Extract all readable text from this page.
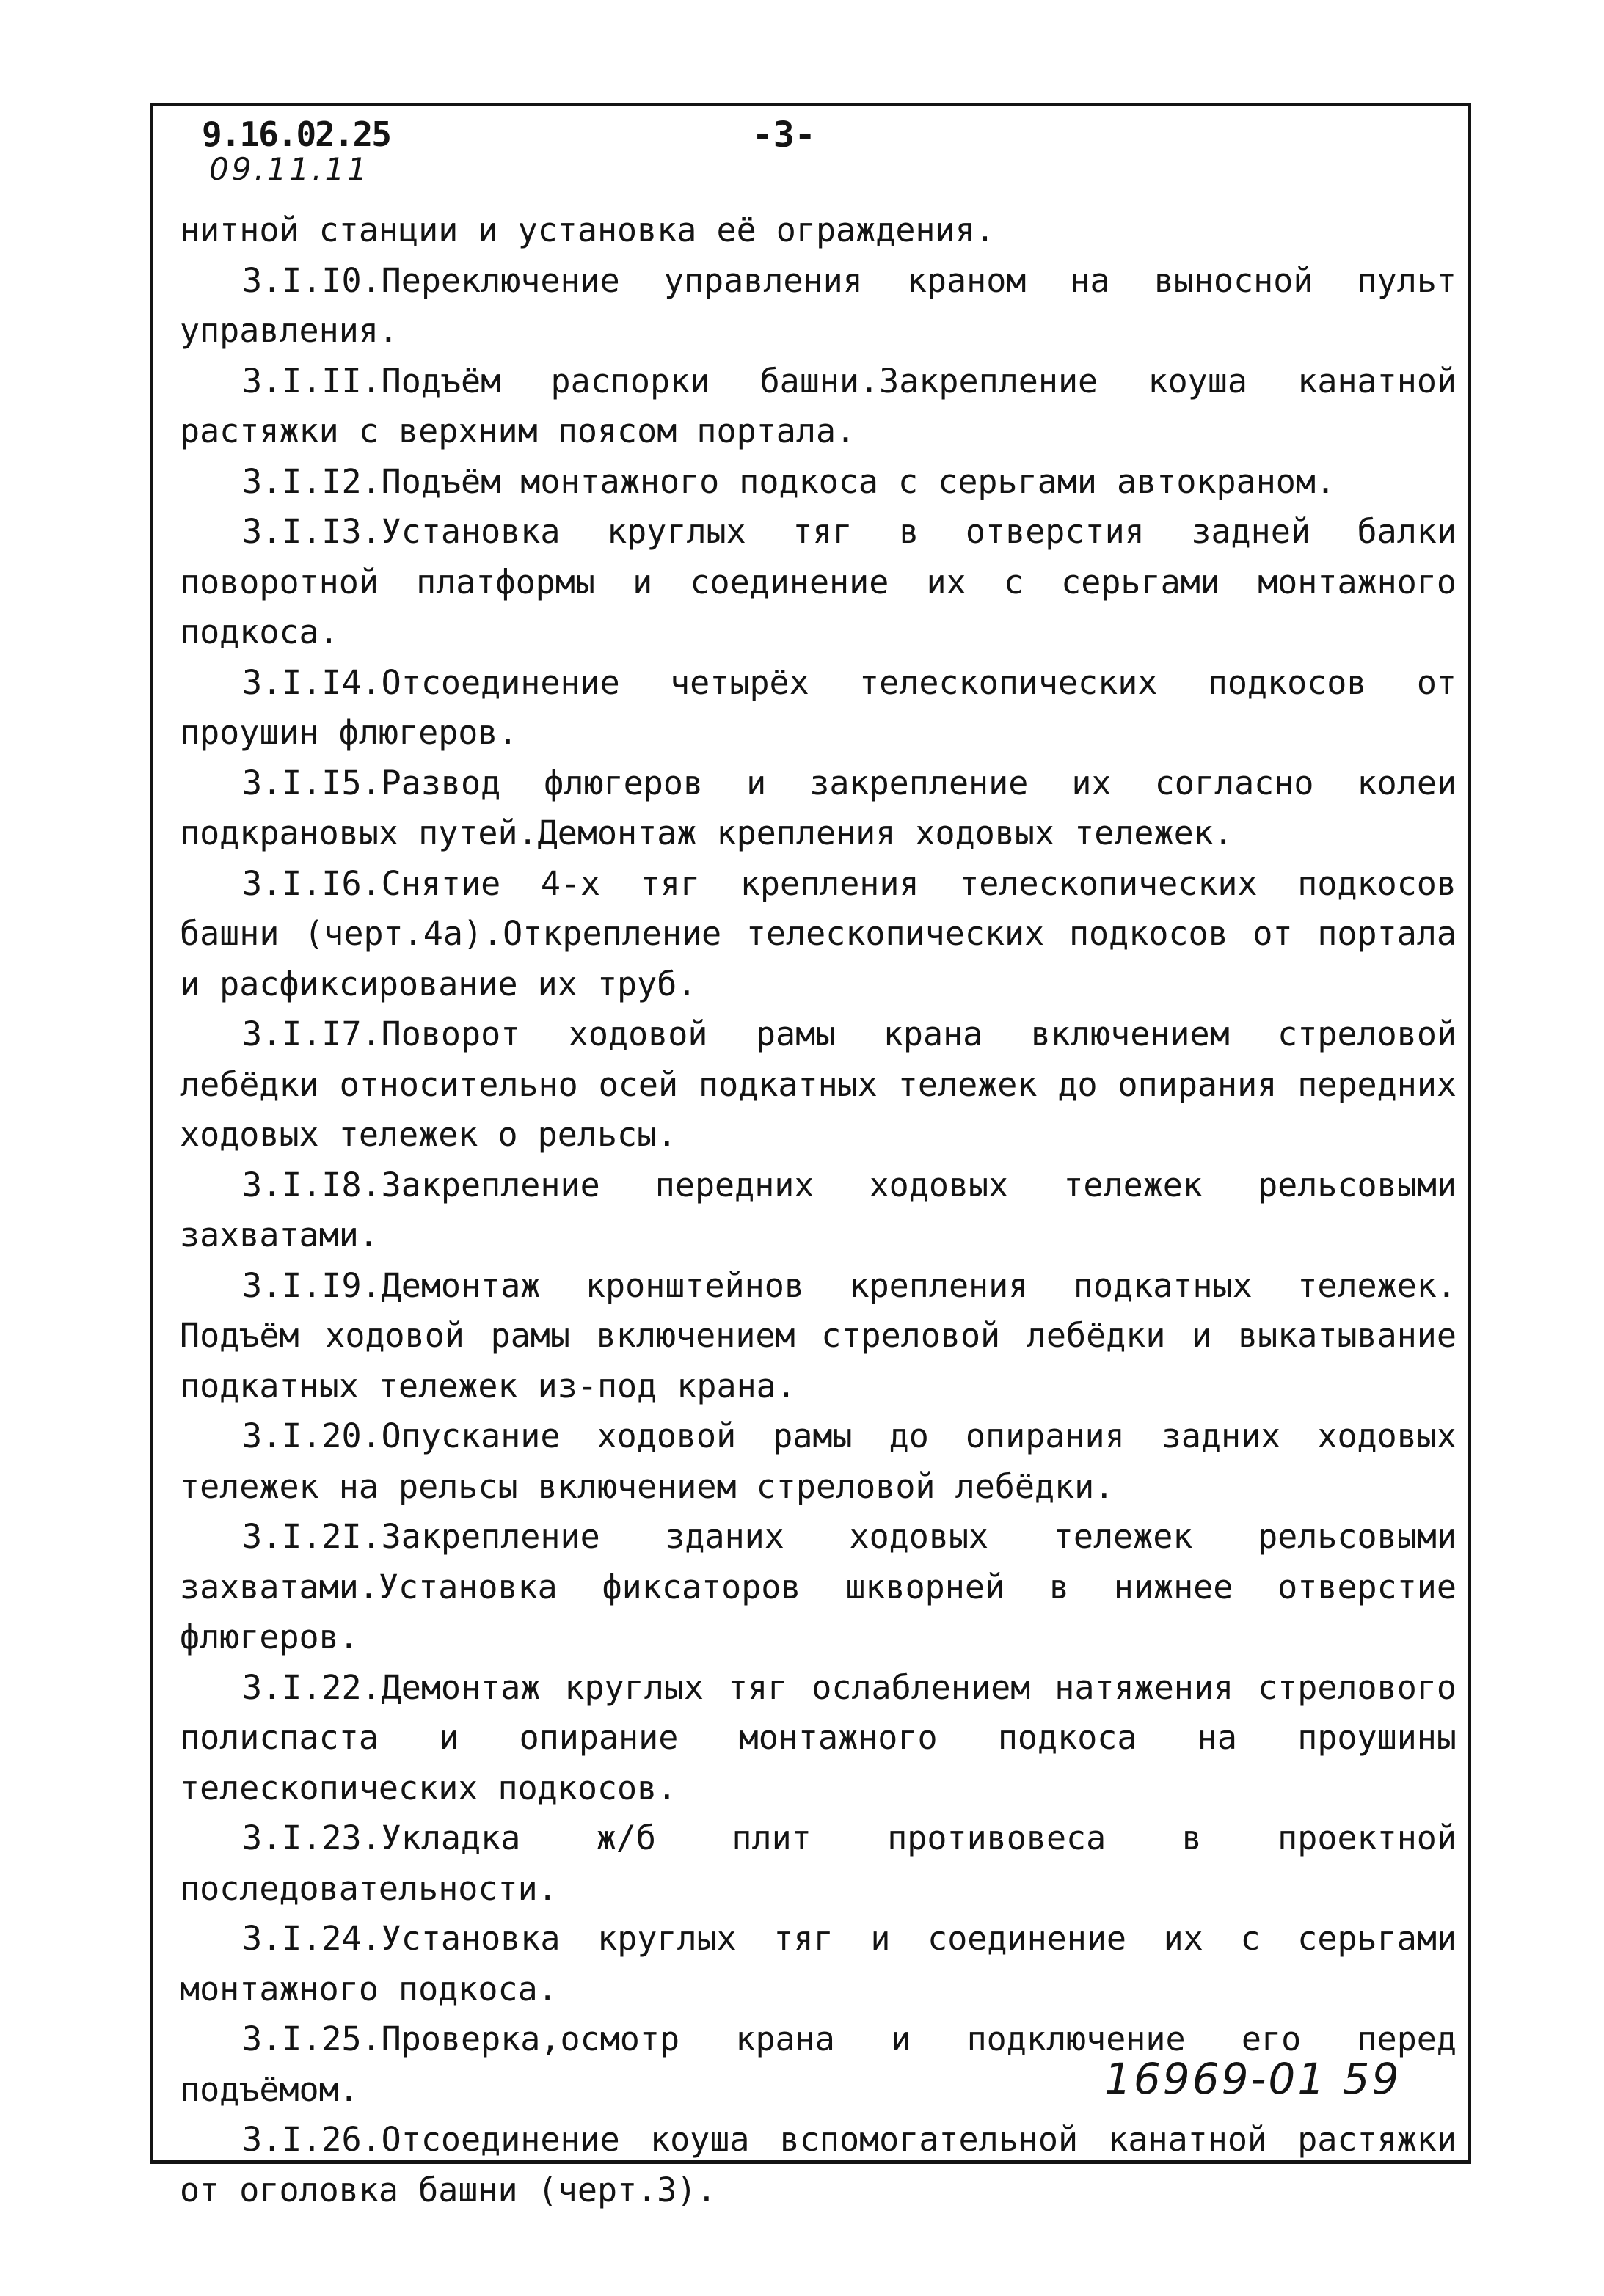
9.16.02.25
09.11.11
-3-

нитной станции и установка её ограждения.

3.I.I0.Переключение управления краном на выносной пульт управления.

3.I.II.Подъём распорки башни.Закрепление коуша канатной растяжки с верхним поясом портала.

3.I.I2.Подъём монтажного подкоса с серьгами автокраном.

3.I.I3.Установка круглых тяг в отверстия задней балки поворотной платформы и соединение их с серьгами монтажного подкоса.

3.I.I4.Отсоединение четырёх телескопических подкосов от проушин флюгеров.

3.I.I5.Развод флюгеров и закрепление их согласно колеи подкрановых путей.Демонтаж крепления ходовых тележек.

3.I.I6.Снятие 4-х тяг крепления телескопических подкосов башни (черт.4а).Открепление телескопических подкосов от портала и расфиксирование их труб.

3.I.I7.Поворот ходовой рамы крана включением стреловой лебёдки относительно осей подкатных тележек до опирания передних ходовых тележек о рельсы.

3.I.I8.Закрепление передних ходовых тележек рельсовыми захватами.

3.I.I9.Демонтаж кронштейнов крепления подкатных тележек. Подъём ходовой рамы включением стреловой лебёдки и выкатывание подкатных тележек из-под крана.

3.I.20.Опускание ходовой рамы до опирания задних ходовых тележек на рельсы включением стреловой лебёдки.

3.I.2I.Закрепление зданих ходовых тележек рельсовыми захватами.Установка фиксаторов шкворней в нижнее отверстие флюгеров.

3.I.22.Демонтаж круглых тяг ослаблением натяжения стрелового полиспаста и опирание монтажного подкоса на проушины телескопических подкосов.

3.I.23.Укладка ж/б плит противовеса в проектной последовательности.

3.I.24.Установка круглых тяг и соединение их с серьгами монтажного подкоса.

3.I.25.Проверка,осмотр крана и подключение его перед подъёмом.

3.I.26.Отсоединение коуша вспомогательной канатной растяжки от оголовка башни (черт.3).

16969-01 59
